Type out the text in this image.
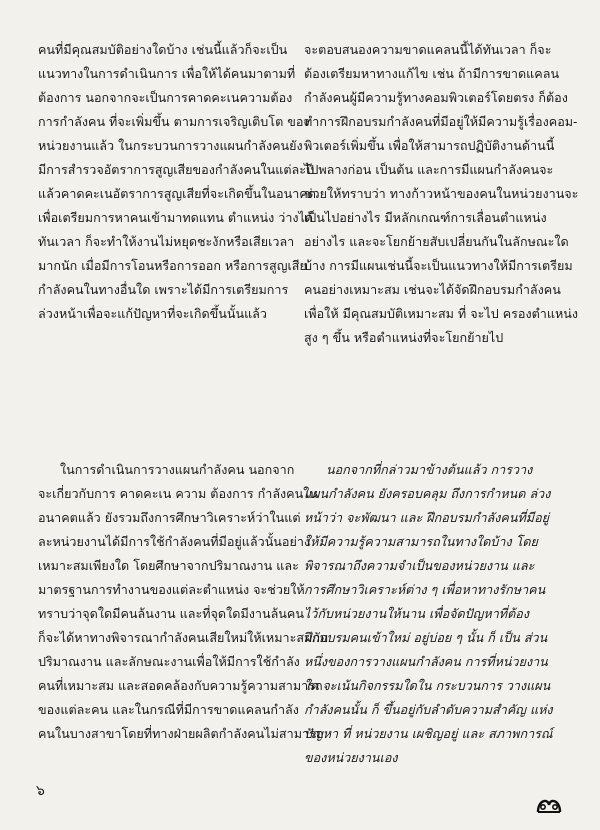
คนที่มีคุณสมบัติอย่างใดบ้าง เช่นนี้แล้วก็จะเป็น
แนวทางในการดำเนินการ เพื่อให้ได้คนมาตามที่
ต้องการ นอกจากจะเป็นการคาดคะเนความต้อง
การกำลังคน ที่จะเพิ่มขึ้น ตามการเจริญเติบโต ของ
หน่วยงานแล้ว ในกระบวนการวางแผนกำลังคนยัง
มีการสำรวจอัตราการสูญเสียของกำลังคนในแต่ละปี
แล้วคาดคะเนอัตราการสูญเสียที่จะเกิดขึ้นในอนาคต
เพื่อเตรียมการหาคนเข้ามาทดแทน ตำแหน่ง ว่างได้
ทันเวลา ก็จะทำให้งานไม่หยุดชะงักหรือเสียเวลา
มากนัก เมื่อมีการโอนหรือการออก หรือการสูญเสีย
กำลังคนในทางอื่นใด เพราะได้มีการเตรียมการ
ล่วงหน้าเพื่อจะแก้ปัญหาที่จะเกิดขึ้นนั้นแล้ว
ในการดำเนินการวางแผนกำลังคน นอกจาก
จะเกี่ยวกับการ คาดคะเน ความ ต้องการ กำลังคนใน
อนาคตแล้ว ยังรวมถึงการศึกษาวิเคราะห์ว่าในแต่
ละหน่วยงานได้มีการใช้กำลังคนที่มีอยู่แล้วนั้นอย่าง
เหมาะสมเพียงใด โดยศึกษาจากปริมาณงาน และ
มาตรฐานการทำงานของแต่ละตำแหน่ง จะช่วยให้
ทราบว่าจุดใดมีคนล้นงาน และที่จุดใดมีงานล้นคน
ก็จะได้หาทางพิจารณากำลังคนเสียใหม่ให้เหมาะสมกับ
ปริมาณงาน และลักษณะงานเพื่อให้มีการใช้กำลัง
คนที่เหมาะสม และสอดคล้องกับความรู้ความสามารถ
ของแต่ละคน และในกรณีที่มีการขาดแคลนกำลัง
คนในบางสาขาโดยที่ทางฝ่ายผลิตกำลังคนไม่สามารถ
จะตอบสนองความขาดแคลนนี้ได้ทันเวลา ก็จะ
ต้องเตรียมหาทางแก้ไข เช่น ถ้ามีการขาดแคลน
กำลังคนผู้มีความรู้ทางคอมพิวเตอร์โดยตรง ก็ต้อง
ทำการฝึกอบรมกำลังคนที่มีอยู่ให้มีความรู้เรื่องคอม-
พิวเตอร์เพิ่มขึ้น เพื่อให้สามารถปฏิบัติงานด้านนี้
ไปพลางก่อน เป็นต้น และการมีแผนกำลังคนจะ
ช่วยให้ทราบว่า ทางก้าวหน้าของคนในหน่วยงานจะ
เป็นไปอย่างไร มีหลักเกณฑ์การเลื่อนตำแหน่ง
อย่างไร และจะโยกย้ายสับเปลี่ยนกันในลักษณะใด
บ้าง การมีแผนเช่นนี้จะเป็นแนวทางให้มีการเตรียม
คนอย่างเหมาะสม เช่นจะได้จัดฝึกอบรมกำลังคน
เพื่อให้ มีคุณสมบัติเหมาะสม ที่ จะไป ครองตำแหน่ง
สูง ๆ ขึ้น หรือตำแหน่งที่จะโยกย้ายไป
นอกจากที่กล่าวมาข้างต้นแล้ว การวาง
แผนกำลังคน ยังครอบคลุม ถึงการกำหนด ล่วง
หน้าว่า จะพัฒนา และ ฝึกอบรมกำลังคนที่มีอยู่
ให้มีความรู้ความสามารถในทางใดบ้าง โดย
พิจารณาถึงความจำเป็นของหน่วยงาน และ
การศึกษาวิเคราะห์ต่าง ๆ เพื่อหาทางรักษาคน
ไว้กับหน่วยงานให้นาน เพื่อจัดปัญหาที่ต้อง
ฝึกอบรมคนเข้าใหม่ อยู่บ่อย ๆ นั้น ก็ เป็น ส่วน
หนึ่งของการวางแผนกำลังคน การที่หน่วยงาน
ใด จะเน้นกิจกรรมใดใน กระบวนการ วางแผน
กำลังคนนั้น ก็ ขึ้นอยู่กับลำดับความสำคัญ แห่ง
ปัญหา ที่ หน่วยงาน เผชิญอยู่ และ สภาพการณ์
ของหน่วยงานเอง
๖
